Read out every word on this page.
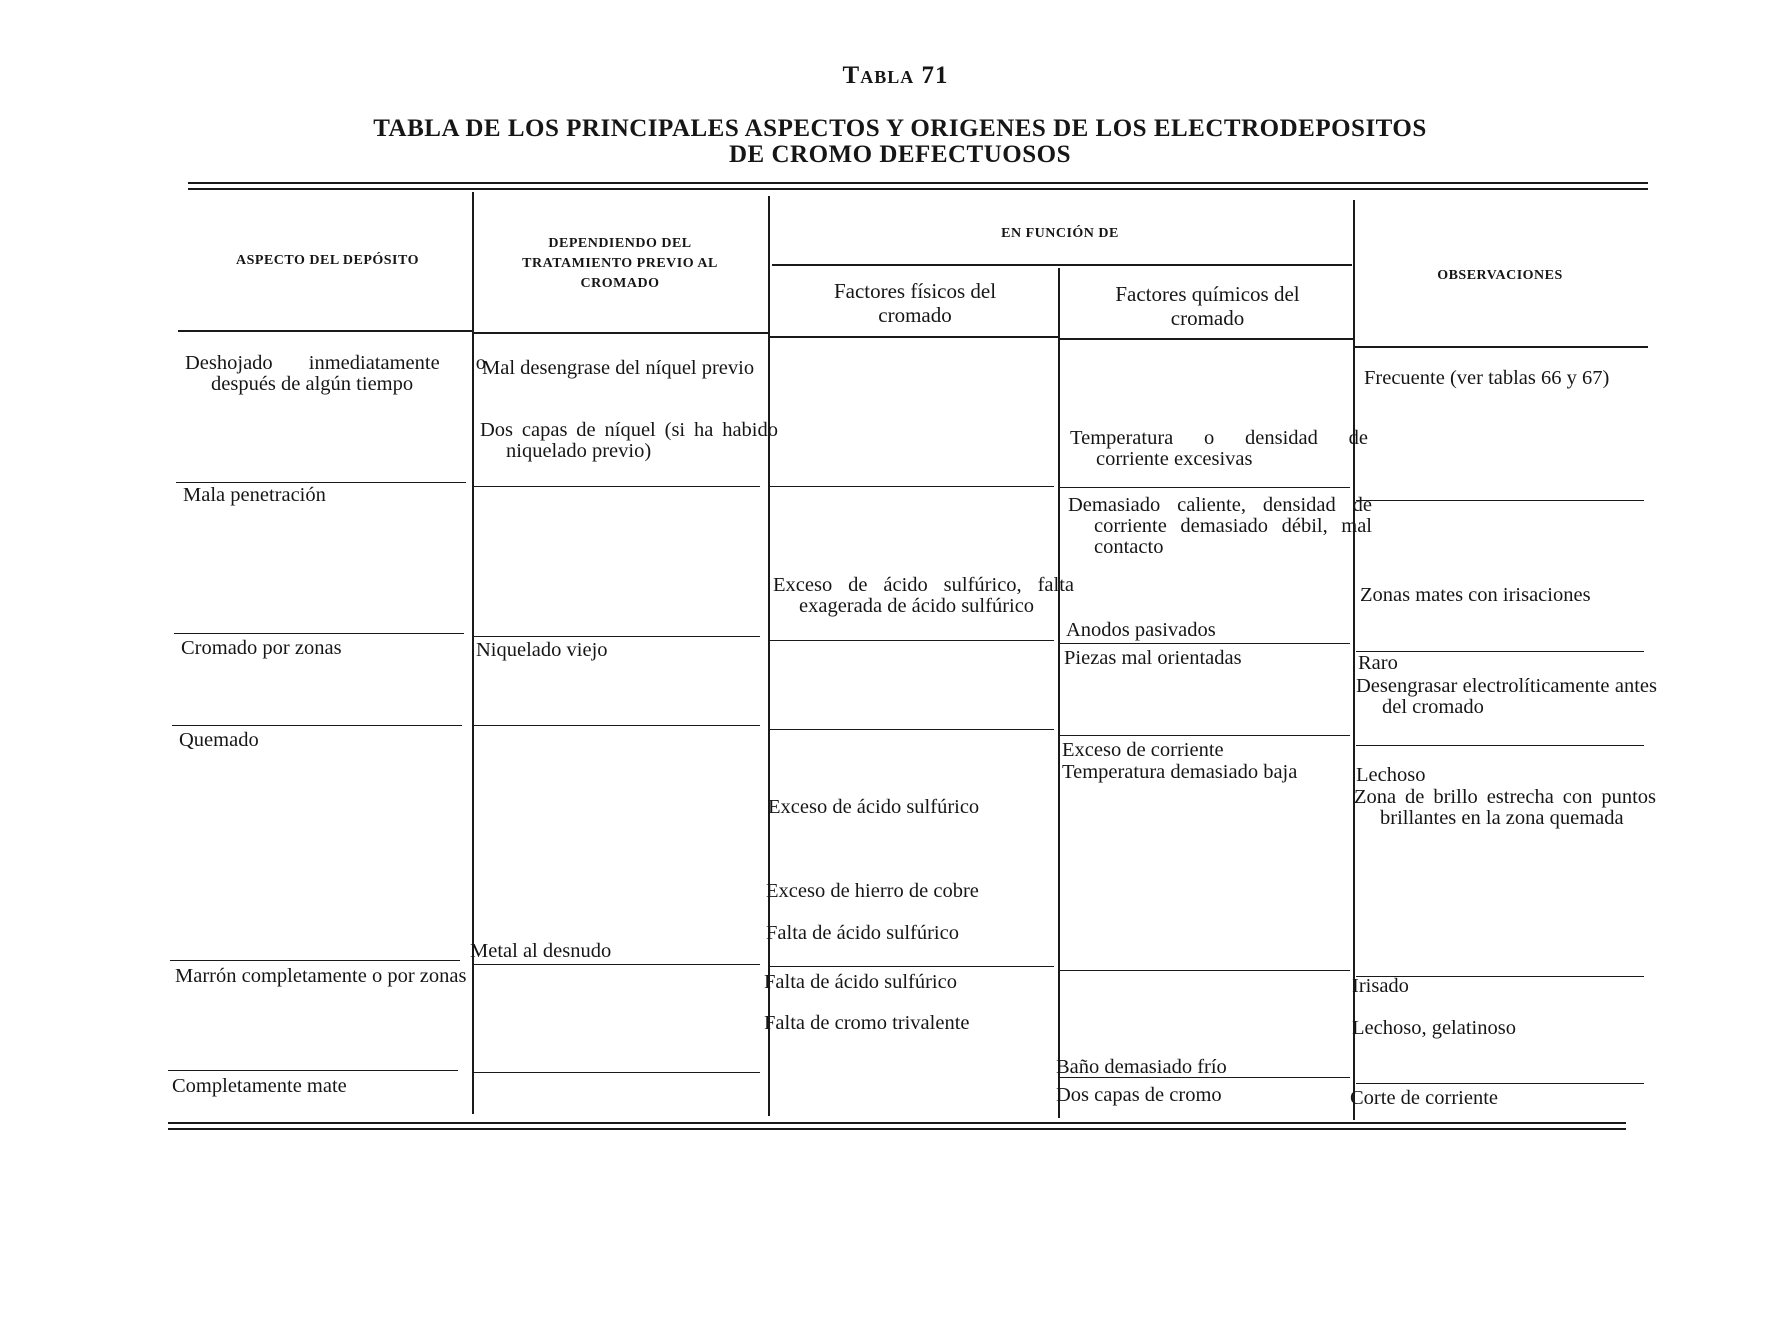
Tabla 71
TABLA DE LOS PRINCIPALES ASPECTOS Y ORIGENES DE LOS ELECTRODEPOSITOS
DE CROMO DEFECTUOSOS
ASPECTO DEL DEPÓSITO
DEPENDIENDO DEL TRATAMIENTO PREVIO AL CROMADO
EN FUNCIÓN DE
Factores físicos del cromado
Factores químicos del cromado
OBSERVACIONES
Deshojado inmediatamente o después de algún tiempo
Mala penetración
Cromado por zonas
Quemado
Marrón completamente o por zonas
Completamente mate
Mal desengrase del níquel previo
Dos capas de níquel (si ha habido niquelado previo)
Niquelado viejo
Metal al desnudo
Exceso de ácido sulfúrico, falta exagerada de ácido sulfúrico
Exceso de ácido sulfúrico
Exceso de hierro de cobre
Falta de ácido sulfúrico
Falta de ácido sulfúrico
Falta de cromo trivalente
Temperatura o densidad de corriente excesivas
Demasiado caliente, densidad de corriente demasiado débil, mal contacto
Anodos pasivados
Piezas mal orientadas
Exceso de corriente
Temperatura demasiado baja
Baño demasiado frío
Dos capas de cromo
Frecuente (ver tablas 66 y 67)
Zonas mates con irisaciones
Raro
Desengrasar electrolíticamente antes del cromado
Lechoso
Zona de brillo estrecha con puntos brillantes en la zona quemada
Irisado
Lechoso, gelatinoso
Corte de corriente
